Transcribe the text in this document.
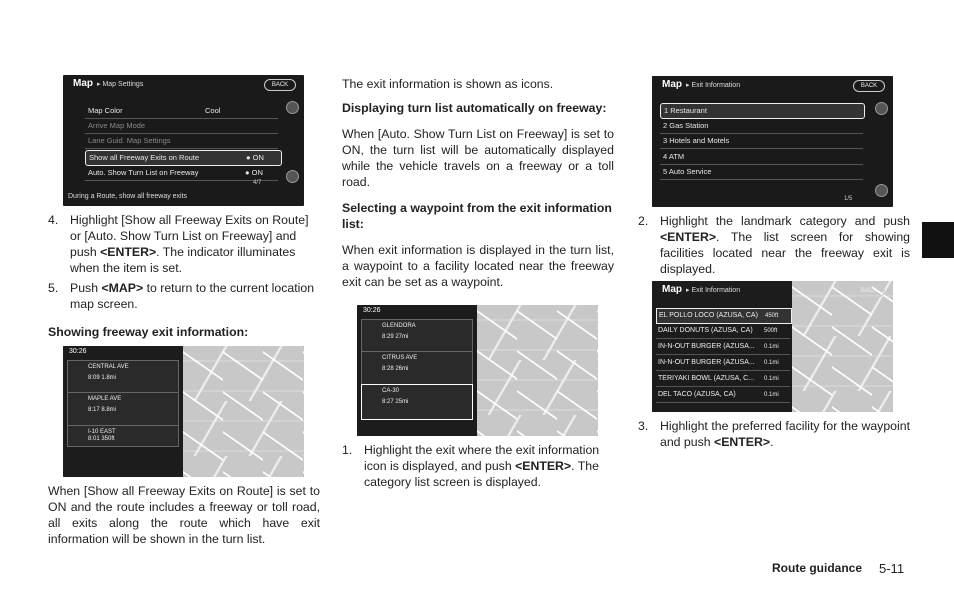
Map ▸ Map Settings	BACK
Map Color	Cool
Arrive Map Mode
Lane Guid. Map Settings
Show all Freeway Exits on Route	● ON
Auto. Show Turn List on Freeway	● ON
4/7
During a Route, show all freeway exits
4. Highlight [Show all Freeway Exits on Route] or [Auto. Show Turn List on Freeway] and push <ENTER>. The indicator illuminates when the item is set.
5. Push <MAP> to return to the current location map screen.

Showing freeway exit information:

30:26
CENTRAL AVE
8:09 1.8mi
MAPLE AVE
8:17 8.8mi
I-10 EAST
8:01 350ft

When [Show all Freeway Exits on Route] is set to ON and the route includes a freeway or toll road, all exits along the route which have exit information will be shown in the turn list.

The exit information is shown as icons.

Displaying turn list automatically on freeway:

When [Auto. Show Turn List on Freeway] is set to ON, the turn list will be automatically displayed while the vehicle travels on a freeway or a toll road.

Selecting a waypoint from the exit information list:

When exit information is displayed in the turn list, a waypoint to a facility located near the freeway exit can be set as a waypoint.

30:26
GLENDORA
8:29 27mi
CITRUS AVE
8:28 26mi
CA-30
8:27 25mi
1. Highlight the exit where the exit information icon is displayed, and push <ENTER>. The category list screen is displayed.
Map ▸ Exit Information	BACK
1 Restaurant
2 Gas Station
3 Hotels and Motels
4 ATM
5 Auto Service
1/5
2. Highlight the landmark category and push <ENTER>. The list screen for showing facilities located near the freeway exit is displayed.
Map ▸ Exit Information	BACK
EL POLLO LOCO (AZUSA, CA) 450ft
DAILY DONUTS (AZUSA, CA) 500ft
IN-N-OUT BURGER (AZUSA... 0.1mi
IN-N-OUT BURGER (AZUSA... 0.1mi
TERIYAKI BOWL (AZUSA, C... 0.1mi
DEL TACO (AZUSA, CA)	0.1mi
3. Highlight the preferred facility for the waypoint and push <ENTER>.
Route guidance 5-11
